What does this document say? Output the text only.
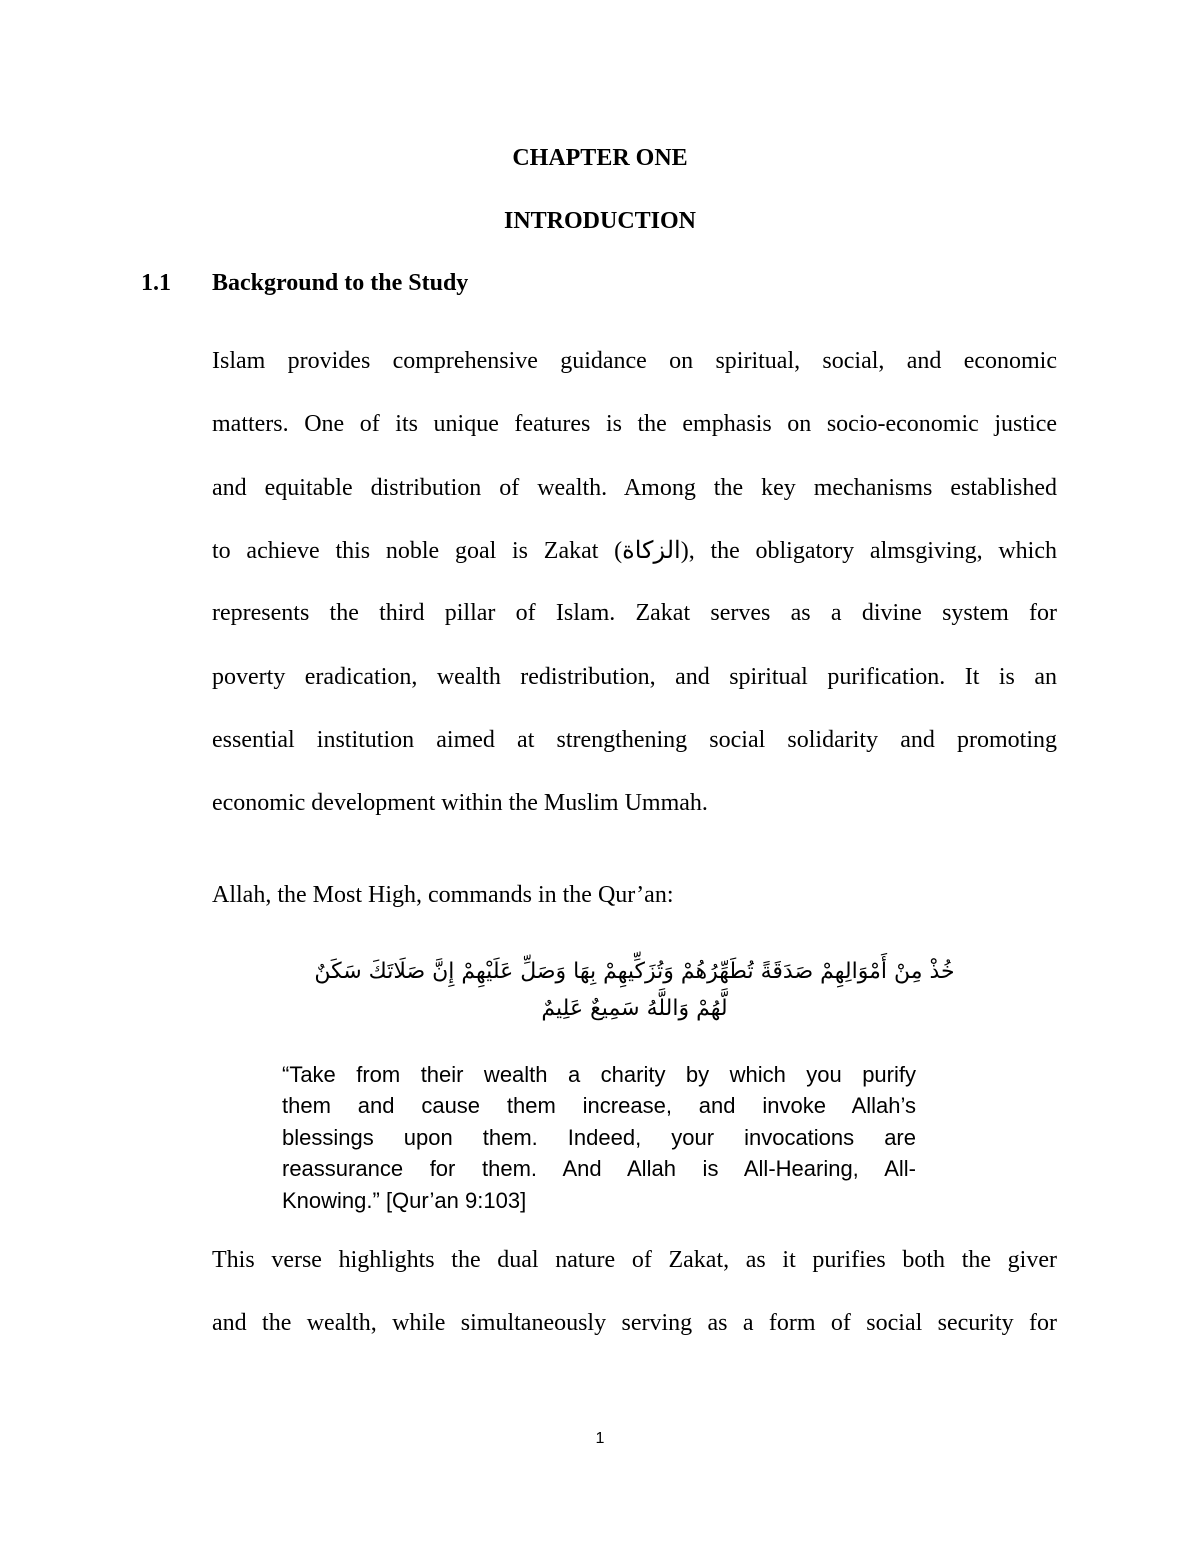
CHAPTER ONE
INTRODUCTION
1.1 Background to the Study
Islam provides comprehensive guidance on spiritual, social, and economic
matters. One of its unique features is the emphasis on socio-economic justice
and equitable distribution of wealth. Among the key mechanisms established
to achieve this noble goal is Zakat (الزكاة), the obligatory almsgiving, which
represents the third pillar of Islam. Zakat serves as a divine system for
poverty eradication, wealth redistribution, and spiritual purification. It is an
essential institution aimed at strengthening social solidarity and promoting
economic development within the Muslim Ummah.
Allah, the Most High, commands in the Qur’an:
خُذْ مِنْ أَمْوَالِهِمْ صَدَقَةً تُطَهِّرُهُمْ وَتُزَكِّيهِمْ بِهَا وَصَلِّ عَلَيْهِمْ إِنَّ صَلَاتَكَ سَكَنٌ
لَّهُمْ وَاللَّهُ سَمِيعٌ عَلِيمٌ
“Take from their wealth a charity by which you purify
them and cause them increase, and invoke Allah’s
blessings upon them. Indeed, your invocations are
reassurance for them. And Allah is All-Hearing, All-
Knowing.” [Qur’an 9:103]
This verse highlights the dual nature of Zakat, as it purifies both the giver
and the wealth, while simultaneously serving as a form of social security for
1
